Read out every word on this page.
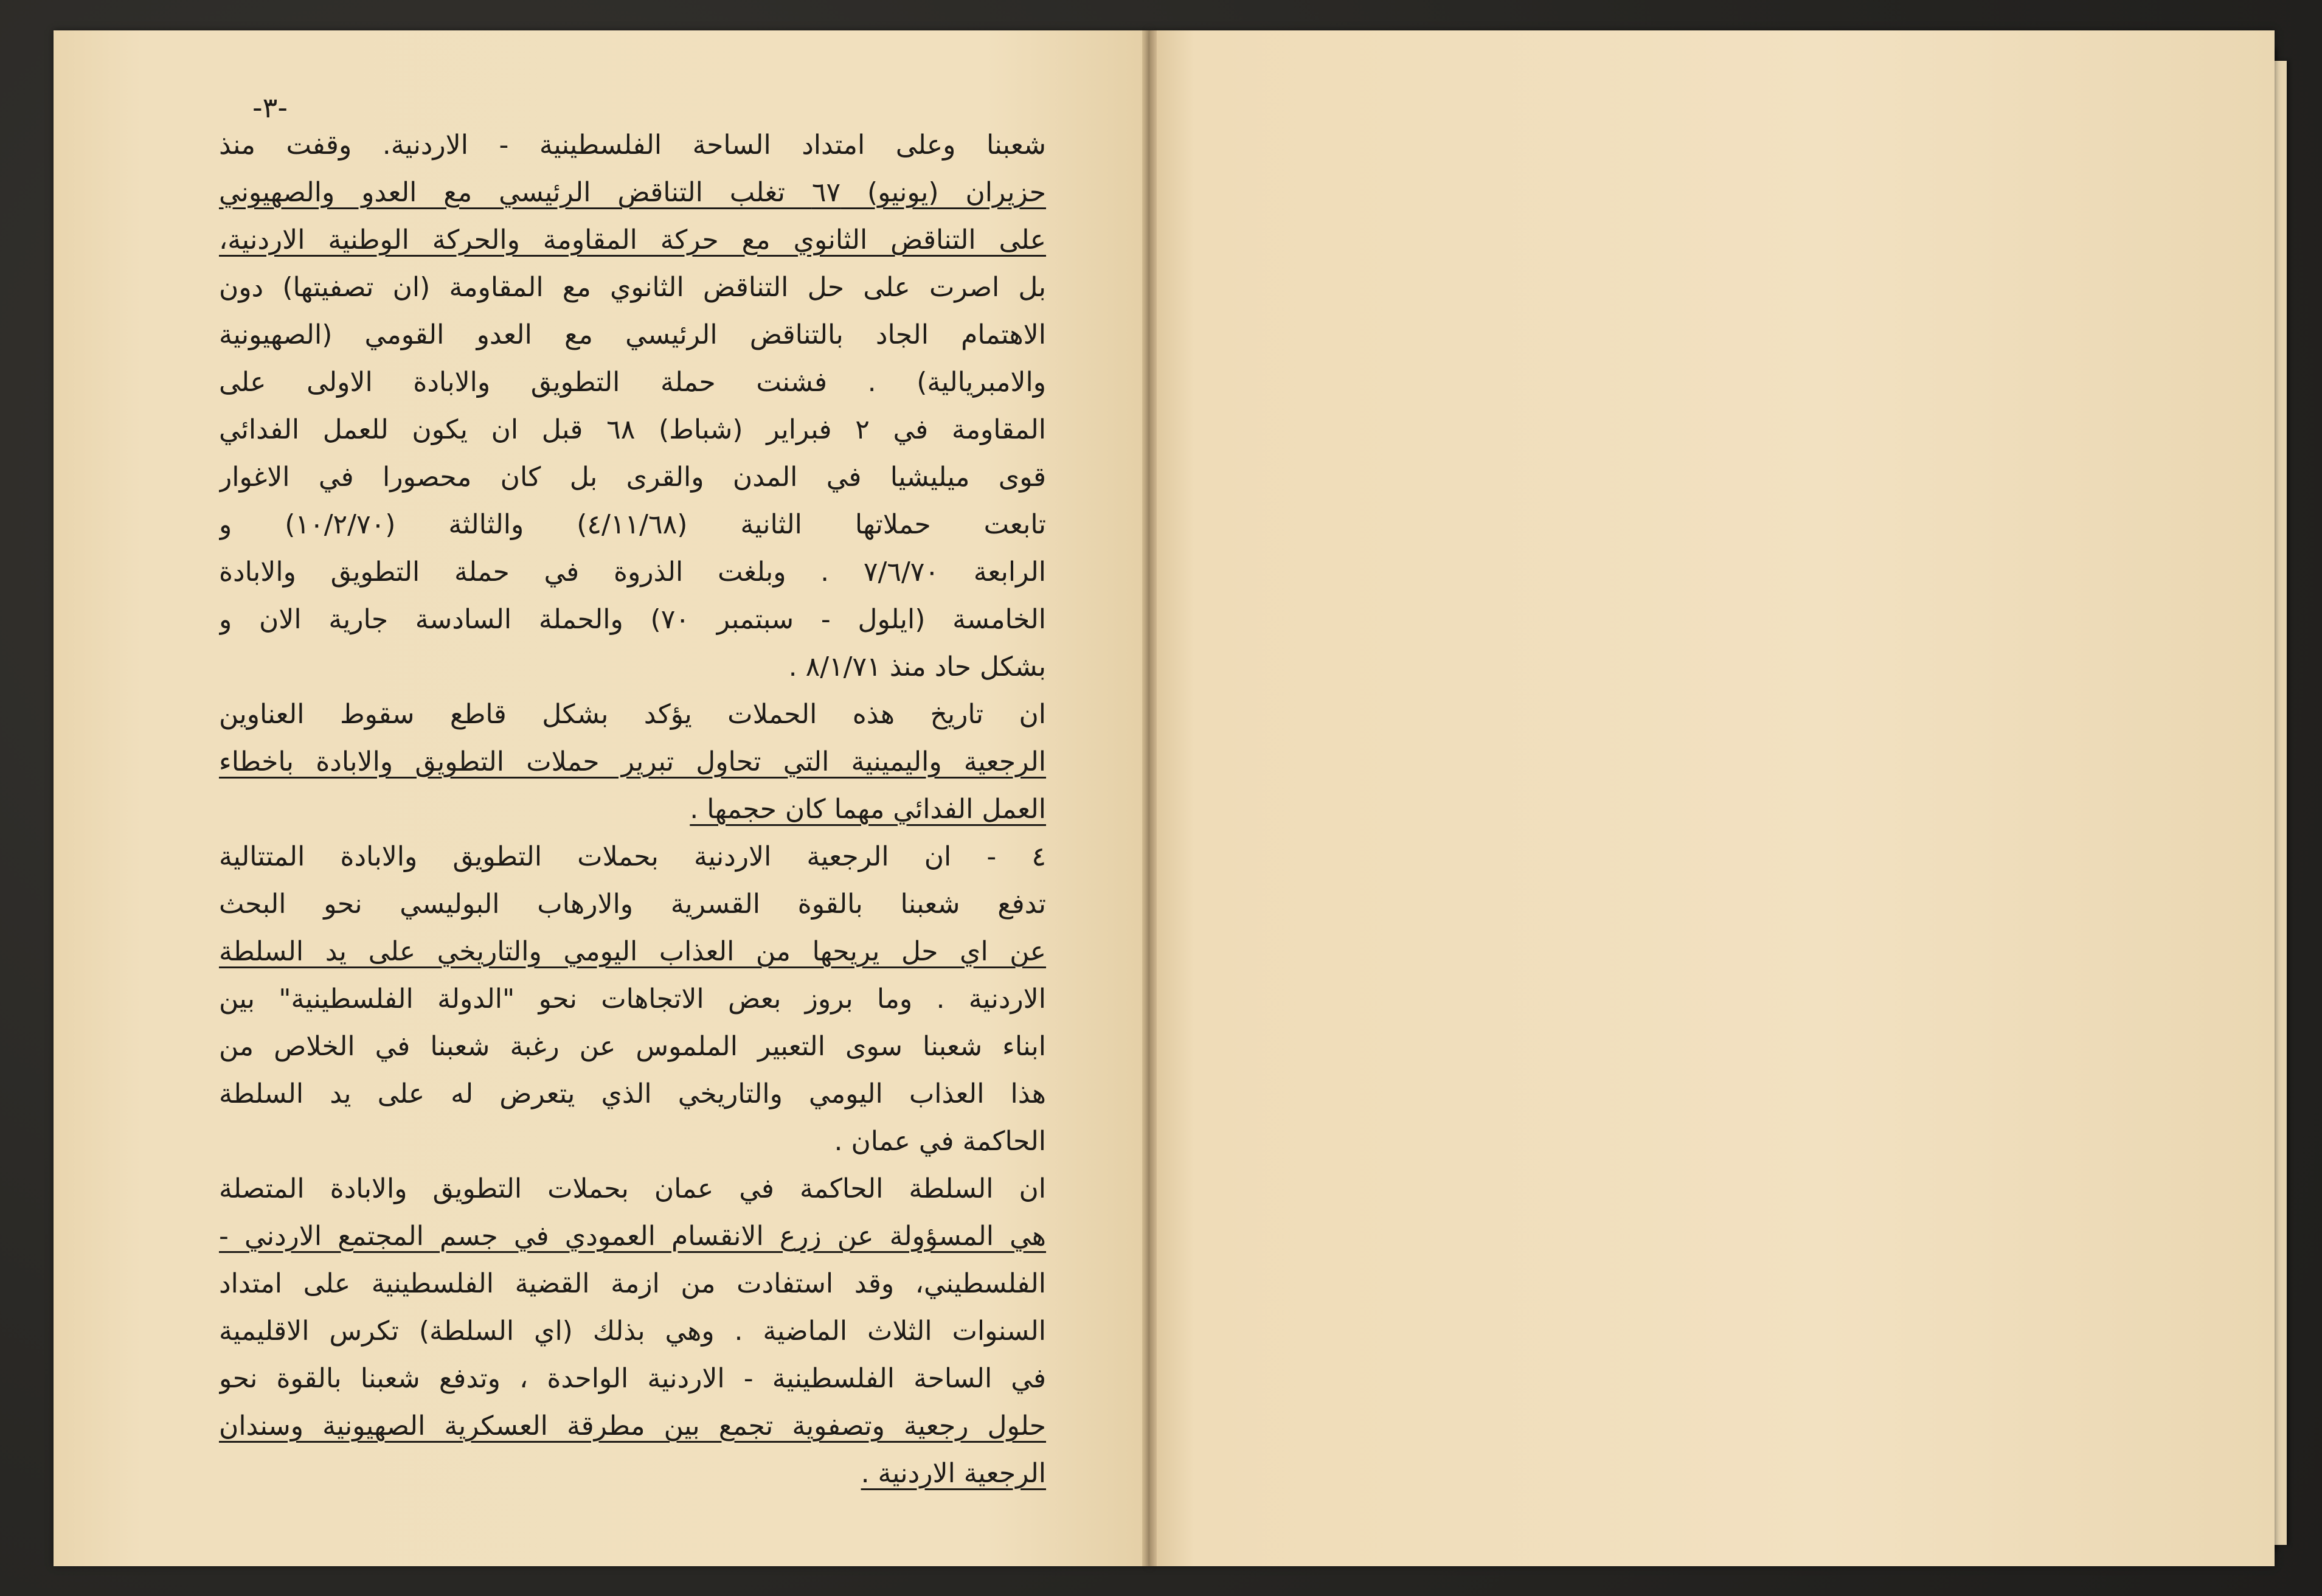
-٣-
شعبنا وعلى امتداد الساحة الفلسطينية - الاردنية. وقفت منذ
حزيران (يونيو) ٦٧ تغلب التناقض الرئيسي مع العدو والصهيوني
على التناقض الثانوي مع حركة المقاومة والحركة الوطنية الاردنية،
بل اصرت على حل التناقض الثانوي مع المقاومة (ان تصفيتها) دون
الاهتمام الجاد بالتناقض الرئيسي مع العدو القومي (الصهيونية
والامبريالية) . فشنت حملة التطويق والابادة الاولى على
المقاومة في ٢ فبراير (شباط) ٦٨ قبل ان يكون للعمل الفدائي
قوى ميليشيا في المدن والقرى بل كان محصورا في الاغوار
تابعت حملاتها الثانية (٤/١١/٦٨) والثالثة (١٠/٢/٧٠) و
الرابعة ٧/٦/٧٠ . وبلغت الذروة في حملة التطويق والابادة
الخامسة (ايلول - سبتمبر ٧٠) والحملة السادسة جارية الان و
بشكل حاد منذ ٨/١/٧١ .
ان تاريخ هذه الحملات يؤكد بشكل قاطع سقوط العناوين
الرجعية واليمينية التي تحاول تبرير حملات التطويق والابادة باخطاء
العمل الفدائي مهما كان حجمها .
٤ - ان الرجعية الاردنية بحملات التطويق والابادة المتتالية
تدفع شعبنا بالقوة القسرية والارهاب البوليسي نحو البحث
عن اي حل يريحها من العذاب اليومي والتاريخي على يد السلطة
الاردنية . وما بروز بعض الاتجاهات نحو "الدولة الفلسطينية" بين
ابناء شعبنا سوى التعبير الملموس عن رغبة شعبنا في الخلاص من
هذا العذاب اليومي والتاريخي الذي يتعرض له على يد السلطة
الحاكمة في عمان .
ان السلطة الحاكمة في عمان بحملات التطويق والابادة المتصلة
هي المسؤولة عن زرع الانقسام العمودي في جسم المجتمع الاردني -
الفلسطيني، وقد استفادت من ازمة القضية الفلسطينية على امتداد
السنوات الثلاث الماضية . وهي بذلك (اي السلطة) تكرس الاقليمية
في الساحة الفلسطينية - الاردنية الواحدة ، وتدفع شعبنا بالقوة نحو
حلول رجعية وتصفوية تجمع بين مطرقة العسكرية الصهيونية وسندان
الرجعية الاردنية .
